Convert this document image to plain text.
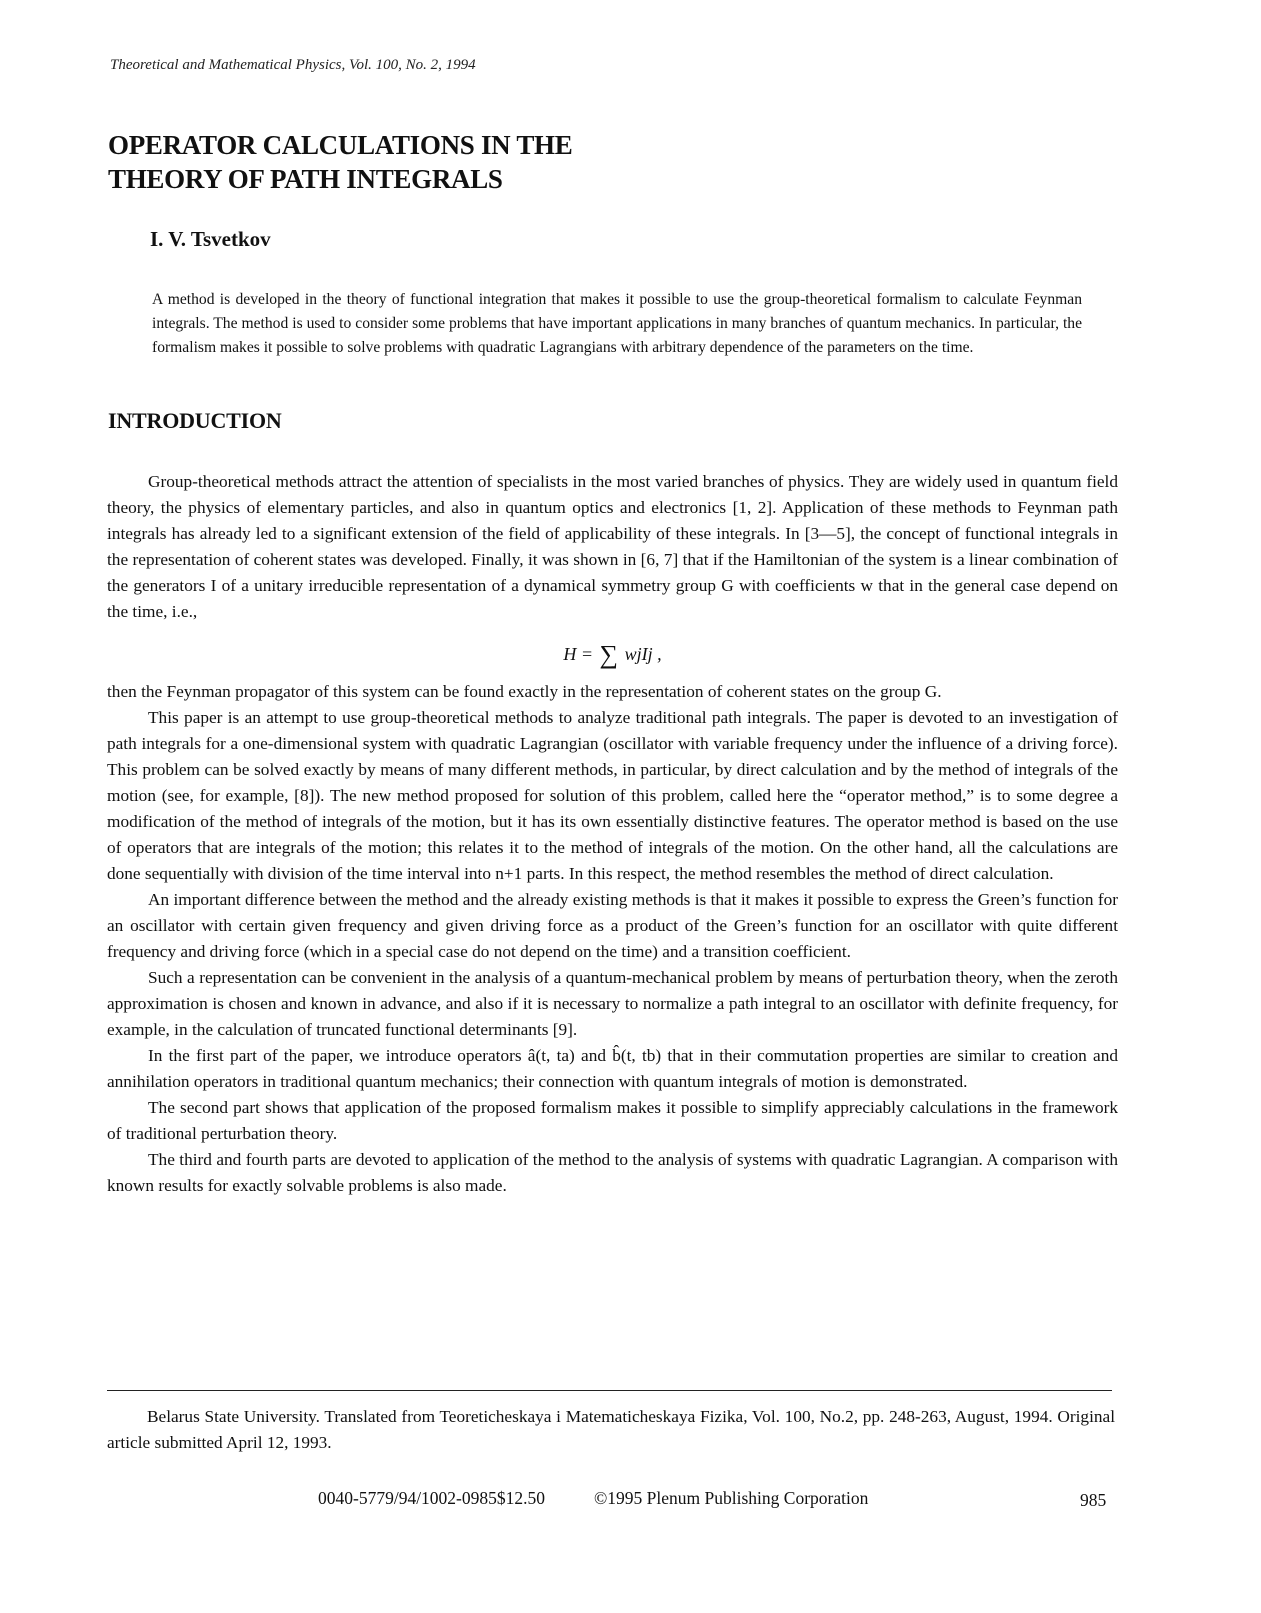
Theoretical and Mathematical Physics, Vol. 100, No. 2, 1994
OPERATOR CALCULATIONS IN THE
THEORY OF PATH INTEGRALS
I. V. Tsvetkov
A method is developed in the theory of functional integration that makes it possible to use the group-theoretical formalism to calculate Feynman integrals. The method is used to consider some problems that have important applications in many branches of quantum mechanics. In particular, the formalism makes it possible to solve problems with quadratic Lagrangians with arbitrary dependence of the parameters on the time.
INTRODUCTION

Group-theoretical methods attract the attention of specialists in the most varied branches of physics. They are widely used in quantum field theory, the physics of elementary particles, and also in quantum optics and electronics [1, 2]. Application of these methods to Feynman path integrals has already led to a significant extension of the field of applicability of these integrals. In [3—5], the concept of functional integrals in the representation of coherent states was developed. Finally, it was shown in [6, 7] that if the Hamiltonian of the system is a linear combination of the generators I of a unitary irreducible representation of a dynamical symmetry group G with coefficients w that in the general case depend on the time, i.e.,

H = ∑ wjIj ,

then the Feynman propagator of this system can be found exactly in the representation of coherent states on the group G.

This paper is an attempt to use group-theoretical methods to analyze traditional path integrals. The paper is devoted to an investigation of path integrals for a one-dimensional system with quadratic Lagrangian (oscillator with variable frequency under the influence of a driving force). This problem can be solved exactly by means of many different methods, in particular, by direct calculation and by the method of integrals of the motion (see, for example, [8]). The new method proposed for solution of this problem, called here the “operator method,” is to some degree a modification of the method of integrals of the motion, but it has its own essentially distinctive features. The operator method is based on the use of operators that are integrals of the motion; this relates it to the method of integrals of the motion. On the other hand, all the calculations are done sequentially with division of the time interval into n+1 parts. In this respect, the method resembles the method of direct calculation.

An important difference between the method and the already existing methods is that it makes it possible to express the Green’s function for an oscillator with certain given frequency and given driving force as a product of the Green’s function for an oscillator with quite different frequency and driving force (which in a special case do not depend on the time) and a transition coefficient.

Such a representation can be convenient in the analysis of a quantum-mechanical problem by means of perturbation theory, when the zeroth approximation is chosen and known in advance, and also if it is necessary to normalize a path integral to an oscillator with definite frequency, for example, in the calculation of truncated functional determinants [9].

In the first part of the paper, we introduce operators â(t, ta) and b̂(t, tb) that in their commutation properties are similar to creation and annihilation operators in traditional quantum mechanics; their connection with quantum integrals of motion is demonstrated.

The second part shows that application of the proposed formalism makes it possible to simplify appreciably calculations in the framework of traditional perturbation theory.

The third and fourth parts are devoted to application of the method to the analysis of systems with quadratic Lagrangian. A comparison with known results for exactly solvable problems is also made.

Belarus State University. Translated from Teoreticheskaya i Matematicheskaya Fizika, Vol. 100, No.2, pp. 248-263, August, 1994. Original article submitted April 12, 1993.

0040-5779/94/1002-0985$12.50	©1995 Plenum Publishing Corporation	985
